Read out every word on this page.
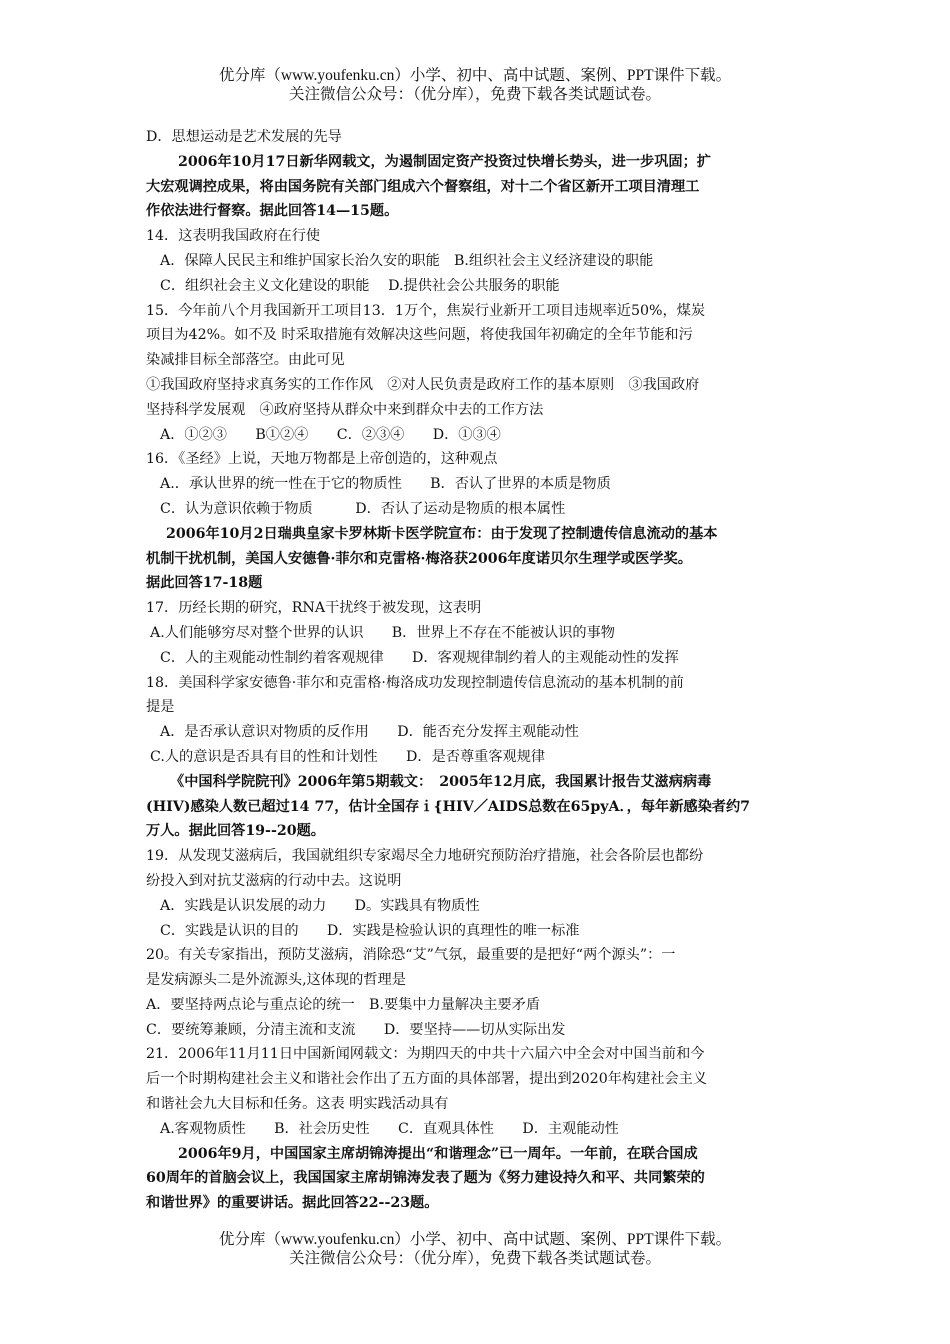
优分库（www.youfenku.cn）小学、初中、高中试题、案例、PPT课件下载。
关注微信公众号：（优分库），免费下载各类试题试卷。
D．思想运动是艺术发展的先导
2006年10月17日新华网载文，为遏制固定资产投资过快增长势头，进一步巩固；扩
大宏观调控成果，将由国务院有关部门组成六个督察组，对十二个省区新开工项目清理工
作依法进行督察。据此回答14—15题。
14．这表明我国政府在行使
A．保障人民民主和维护国家长治久安的职能　B.组织社会主义经济建设的职能
C．组织社会主义文化建设的职能　 D.提供社会公共服务的职能
15．今年前八个月我国新开工项目13．1万个，焦炭行业新开工项目违规率近50%，煤炭
项目为42%。如不及 时采取措施有效解决这些问题，将使我国年初确定的全年节能和污
染减排目标全部落空。由此可见
①我国政府坚持求真务实的工作作风　②对人民负责是政府工作的基本原则　③我国政府
坚持科学发展观　④政府坚持从群众中来到群众中去的工作方法
A．①②③　　B①②④　　C．②③④　　D．①③④
16．《圣经》上说，天地万物都是上帝创造的，这种观点
A.．承认世界的统一性在于它的物质性　　B．否认了世界的本质是物质
C．认为意识依赖于物质　　　D．否认了运动是物质的根本属性
2006年10月2日瑞典皇家卡罗林斯卡医学院宣布：由于发现了控制遗传信息流动的基本
机制干扰机制，美国人安德鲁·菲尔和克雷格·梅洛获2006年度诺贝尔生理学或医学奖。
据此回答17-18题
17．历经长期的研究，RNA干扰终于被发现，这表明
A.人们能够穷尽对整个世界的认识　　B．世界上不存在不能被认识的事物
C．人的主观能动性制约着客观规律　　D．客观规律制约着人的主观能动性的发挥
18．美国科学家安德鲁·菲尔和克雷格·梅洛成功发现控制遗传信息流动的基本机制的前
提是
A．是否承认意识对物质的反作用　　D．能否充分发挥主观能动性
C.人的意识是否具有目的性和计划性　　D．是否尊重客观规律
《中国科学院院刊》2006年第5期载文：　2005年12月底，我国累计报告艾滋病病毒
(HIV)感染人数已超过14 77，估计全国存ｉ{HIV／AIDS总数在65pyA．，每年新感染者约7
万人。据此回答19--20题。
19．从发现艾滋病后，我国就组织专家竭尽全力地研究预防治疗措施，社会各阶层也都纷
纷投入到对抗艾滋病的行动中去。这说明
A．实践是认识发展的动力　　D。实践具有物质性
C．实践是认识的目的　　D．实践是检验认识的真理性的唯一标准
20。有关专家指出，预防艾滋病，消除恐“艾”气氛，最重要的是把好“两个源头”：一
是发病源头二是外流源头,这体现的哲理是
A．要坚持两点论与重点论的统一　B.要集中力量解决主要矛盾
C．要统筹兼顾，分清主流和支流　　D．要坚持——切从实际出发
21．2006年11月11日中国新闻网载文：为期四天的中共十六届六中全会对中国当前和今
后一个时期构建社会主义和谐社会作出了五方面的具体部署，提出到2020年构建社会主义
和谐社会九大目标和任务。这表 明实践活动具有
A.客观物质性　　B．社会历史性　　C．直观具体性　　D．主观能动性
2006年9月，中国国家主席胡锦涛提出“和谐理念”已一周年。一年前，在联合国成
60周年的首脑会议上，我国国家主席胡锦涛发表了题为《努力建设持久和平、共同繁荣的
和谐世界》的重要讲话。据此回答22--23题。
优分库（www.youfenku.cn）小学、初中、高中试题、案例、PPT课件下载。
关注微信公众号：（优分库），免费下载各类试题试卷。
